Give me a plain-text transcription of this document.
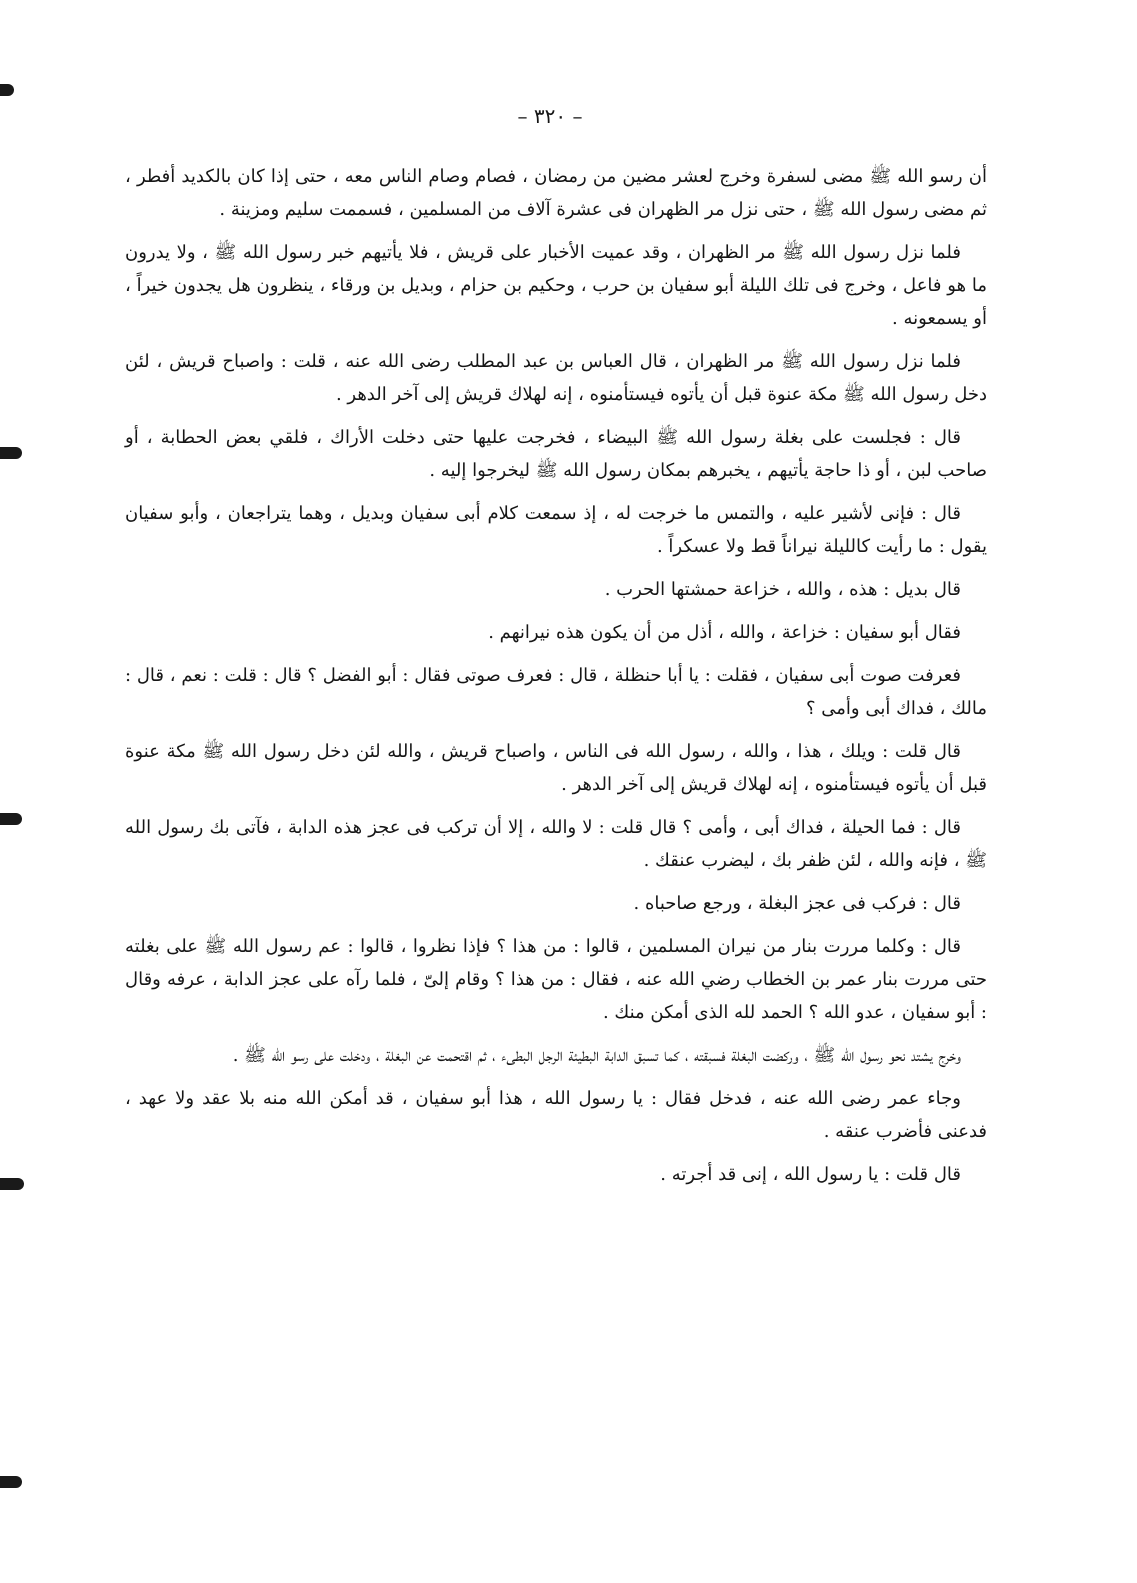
– ٣٢٠ –

أن رسو الله ﷺ مضى لسفرة وخرج لعشر مضين من رمضان ، فصام وصام الناس معه ، حتى إذا كان بالكديد أفطر ، ثم مضى رسول الله ﷺ ، حتى نزل مر الظهران فى عشرة آلاف من المسلمين ، فسممت سليم ومزينة .

فلما نزل رسول الله ﷺ مر الظهران ، وقد عميت الأخبار على قريش ، فلا يأتيهم خبر رسول الله ﷺ ، ولا يدرون ما هو فاعل ، وخرج فى تلك الليلة أبو سفيان بن حرب ، وحكيم بن حزام ، وبديل بن ورقاء ، ينظرون هل يجدون خيراً ، أو يسمعونه .

فلما نزل رسول الله ﷺ مر الظهران ، قال العباس بن عبد المطلب رضى الله عنه ، قلت : واصباح قريش ، لئن دخل رسول الله ﷺ مكة عنوة قبل أن يأتوه فيستأمنوه ، إنه لهلاك قريش إلى آخر الدهر .

قال : فجلست على بغلة رسول الله ﷺ البيضاء ، فخرجت عليها حتى دخلت الأراك ، فلقي بعض الحطابة ، أو صاحب لبن ، أو ذا حاجة يأتيهم ، يخبرهم بمكان رسول الله ﷺ ليخرجوا إليه .

قال : فإنى لأشير عليه ، والتمس ما خرجت له ، إذ سمعت كلام أبى سفيان وبديل ، وهما يتراجعان ، وأبو سفيان يقول : ما رأيت كالليلة نيراناً قط ولا عسكراً .

قال بديل : هذه ، والله ، خزاعة حمشتها الحرب .

فقال أبو سفيان : خزاعة ، والله ، أذل من أن يكون هذه نيرانهم .

فعرفت صوت أبى سفيان ، فقلت : يا أبا حنظلة ، قال : فعرف صوتى فقال : أبو الفضل ؟ قال : قلت : نعم ، قال : مالك ، فداك أبى وأمى ؟

قال قلت : ويلك ، هذا ، والله ، رسول الله فى الناس ، واصباح قريش ، والله لئن دخل رسول الله ﷺ مكة عنوة قبل أن يأتوه فيستأمنوه ، إنه لهلاك قريش إلى آخر الدهر .

قال : فما الحيلة ، فداك أبى ، وأمى ؟ قال قلت : لا والله ، إلا أن تركب فى عجز هذه الدابة ، فآتى بك رسول الله ﷺ ، فإنه والله ، لئن ظفر بك ، ليضرب عنقك .

قال : فركب فى عجز البغلة ، ورجع صاحباه .

قال : وكلما مررت بنار من نيران المسلمين ، قالوا : من هذا ؟ فإذا نظروا ، قالوا : عم رسول الله ﷺ على بغلته حتى مررت بنار عمر بن الخطاب رضي الله عنه ، فقال : من هذا ؟ وقام إلىّ ، فلما رآه على عجز الدابة ، عرفه وقال : أبو سفيان ، عدو الله ؟ الحمد لله الذى أمكن منك .

وخرج يشتد نحو رسول الله ﷺ ، وركضت البغلة فسبقته ، كما تسبق الدابة البطيئة الرجل البطىء ، ثم اقتحمت عن البغلة ، ودخلت على رسو الله ﷺ .

وجاء عمر رضى الله عنه ، فدخل فقال : يا رسول الله ، هذا أبو سفيان ، قد أمكن الله منه بلا عقد ولا عهد ، فدعنى فأضرب عنقه .

قال قلت : يا رسول الله ، إنى قد أجرته .
